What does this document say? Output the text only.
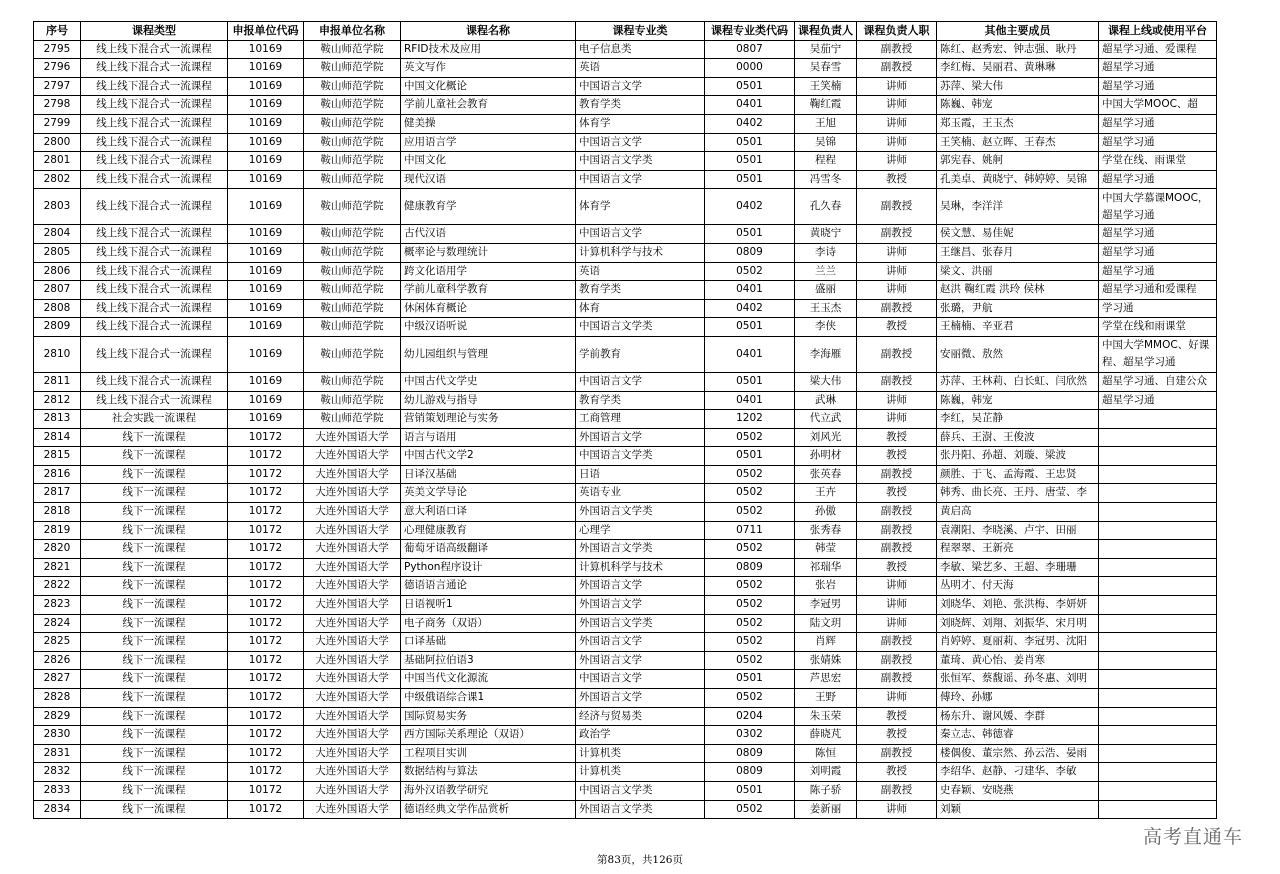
序号	课程类型	申报单位代码	申报单位名称	课程名称	课程专业类	课程专业类代码	课程负责人	课程负责人职	其他主要成员	课程上线或使用平台
2795	线上线下混合式一流课程	10169	鞍山师范学院	RFID技术及应用	电子信息类	0807	吴茄宁	副教授	陈红、赵秀宏、钟志强、耿丹	超星学习通、爱课程
2796	线上线下混合式一流课程	10169	鞍山师范学院	英文写作	英语	0000	吴春雪	副教授	李红梅、吴丽君、黄琳琳	超星学习通
2797	线上线下混合式一流课程	10169	鞍山师范学院	中国文化概论	中国语言文学	0501	王笑楠	讲师	苏萍、梁大伟	超星学习通
2798	线上线下混合式一流课程	10169	鞍山师范学院	学前儿童社会教育	教育学类	0401	鞠红霞	讲师	陈巍、韩宠	中国大学MOOC、超
2799	线上线下混合式一流课程	10169	鞍山师范学院	健美操	体育学	0402	王旭	讲师	郑玉霞，王玉杰	超星学习通
2800	线上线下混合式一流课程	10169	鞍山师范学院	应用语言学	中国语言文学	0501	吴锦	讲师	王笑楠、赵立晖、王春杰	超星学习通
2801	线上线下混合式一流课程	10169	鞍山师范学院	中国文化	中国语言文学类	0501	程程	讲师	郭宪春、姚舸	学堂在线、雨课堂
2802	线上线下混合式一流课程	10169	鞍山师范学院	现代汉语	中国语言文学	0501	冯雪冬	教授	孔美卓、黄晓宁、韩婷婷、吴锦	超星学习通
2803	线上线下混合式一流课程	10169	鞍山师范学院	健康教育学	体育学	0402	孔久春	副教授	吴琳，李洋洋	中国大学慕课MOOC，超星学习通
2804	线上线下混合式一流课程	10169	鞍山师范学院	古代汉语	中国语言文学	0501	黄晓宁	副教授	侯文慧、易佳妮	超星学习通
2805	线上线下混合式一流课程	10169	鞍山师范学院	概率论与数理统计	计算机科学与技术	0809	李诗	讲师	王继昌、张春月	超星学习通
2806	线上线下混合式一流课程	10169	鞍山师范学院	跨文化语用学	英语	0502	兰兰	讲师	梁文、洪丽	超星学习通
2807	线上线下混合式一流课程	10169	鞍山师范学院	学前儿童科学教育	教育学类	0401	盛丽	讲师	赵洪 鞠红霞 洪玲 侯林	超星学习通和爱课程
2808	线上线下混合式一流课程	10169	鞍山师范学院	休闲体育概论	体育	0402	王玉杰	副教授	张璐，尹航	学习通
2809	线上线下混合式一流课程	10169	鞍山师范学院	中级汉语听说	中国语言文学类	0501	李侠	教授	王楠楠、辛亚君	学堂在线和雨课堂
2810	线上线下混合式一流课程	10169	鞍山师范学院	幼儿园组织与管理	学前教育	0401	李海雁	副教授	安丽微、敖然	中国大学MMOC、好课程、超星学习通
2811	线上线下混合式一流课程	10169	鞍山师范学院	中国古代文学史	中国语言文学	0501	梁大伟	副教授	苏萍、王林莉、白长虹、闫欣然	超星学习通、自建公众
2812	线上线下混合式一流课程	10169	鞍山师范学院	幼儿游戏与指导	教育学类	0401	武琳	讲师	陈巍，韩宠	超星学习通
2813	社会实践一流课程	10169	鞍山师范学院	营销策划理论与实务	工商管理	1202	代立武	讲师	李红，吴芷静	
2814	线下一流课程	10172	大连外国语大学	语言与语用	外国语言文学	0502	刘风光	教授	薛兵、王澍、王俊波	
2815	线下一流课程	10172	大连外国语大学	中国古代文学2	中国语言文学类	0501	孙明材	教授	张丹阳、孙超、刘璇、梁波	
2816	线下一流课程	10172	大连外国语大学	日译汉基础	日语	0502	张英春	副教授	颜胜、于飞、孟海霞、王忠贤	
2817	线下一流课程	10172	大连外国语大学	英美文学导论	英语专业	0502	王卉	教授	韩秀、曲长亮、王丹、唐莹、李	
2818	线下一流课程	10172	大连外国语大学	意大利语口译	外国语言文学类	0502	孙傲	副教授	黄启高	
2819	线下一流课程	10172	大连外国语大学	心理健康教育	心理学	0711	张秀春	副教授	袁潮阳、李晓溪、卢宇、田丽	
2820	线下一流课程	10172	大连外国语大学	葡萄牙语高级翻译	外国语言文学类	0502	韩莹	副教授	程翠翠、王新亮	
2821	线下一流课程	10172	大连外国语大学	Python程序设计	计算机科学与技术	0809	祁瑞华	教授	李敏、梁艺多、王超、李珊珊	
2822	线下一流课程	10172	大连外国语大学	德语语言通论	外国语言文学	0502	张岩	讲师	丛明才、付天海	
2823	线下一流课程	10172	大连外国语大学	日语视听1	外国语言文学	0502	李冠男	讲师	刘晓华、刘艳、张洪梅、李妍妍	
2824	线下一流课程	10172	大连外国语大学	电子商务（双语）	外国语言文学类	0502	陆文玥	讲师	刘晓辉、刘翔、刘振华、宋月明	
2825	线下一流课程	10172	大连外国语大学	口译基础	外国语言文学	0502	肖辉	副教授	肖婷婷、夏丽莉、李冠男、沈阳	
2826	线下一流课程	10172	大连外国语大学	基础阿拉伯语3	外国语言文学	0502	张婧姝	副教授	董琦、黄心怡、姜肖寒	
2827	线下一流课程	10172	大连外国语大学	中国当代文化源流	中国语言文学	0501	芦思宏	副教授	张恒军、蔡馥谣、孙冬惠、刘明	
2828	线下一流课程	10172	大连外国语大学	中级俄语综合课1	外国语言文学	0502	王野	讲师	傅玲、孙娜	
2829	线下一流课程	10172	大连外国语大学	国际贸易实务	经济与贸易类	0204	朱玉荣	教授	杨东升、谢风媛、李群	
2830	线下一流课程	10172	大连外国语大学	西方国际关系理论（双语）	政治学	0302	薛晓芃	教授	秦立志、韩德睿	
2831	线下一流课程	10172	大连外国语大学	工程项目实训	计算机类	0809	陈恒	副教授	楼偶俊、董宗然、孙云浩、晏雨	
2832	线下一流课程	10172	大连外国语大学	数据结构与算法	计算机类	0809	刘明霞	教授	李绍华、赵静、刁建华、李敏	
2833	线下一流课程	10172	大连外国语大学	海外汉语教学研究	中国语言文学类	0501	陈子骄	副教授	史春颖、安晓燕	
2834	线下一流课程	10172	大连外国语大学	德语经典文学作品赏析	外国语言文学类	0502	姜新丽	讲师	刘颖	
高考直通车
第83页，共126页
